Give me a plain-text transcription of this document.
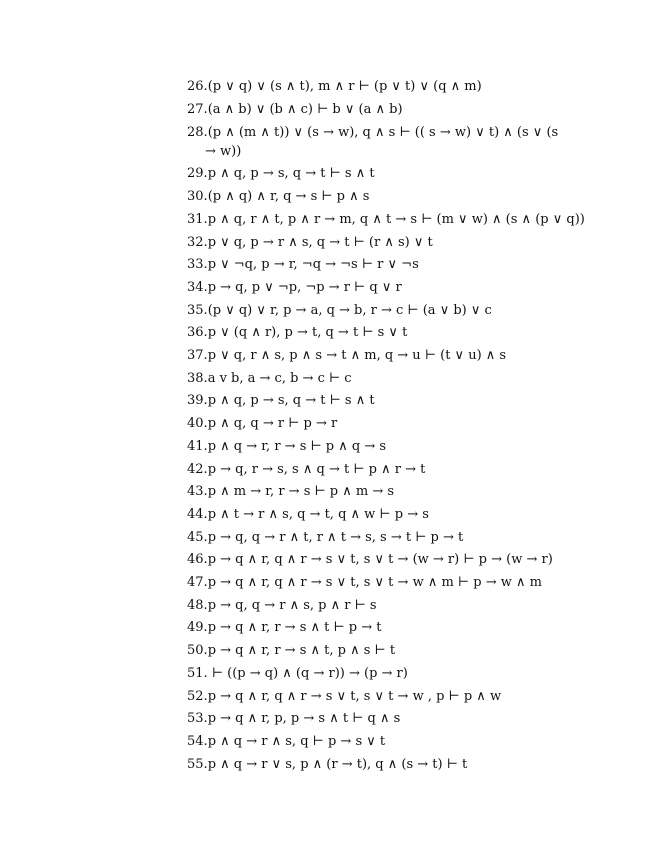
26.(p ∨ q) ∨ (s ∧ t), m ∧ r ⊢ (p ∨ t) ∨ (q ∧ m)
27.(a ∧ b) ∨ (b ∧ c) ⊢ b ∨ (a ∧ b)
28.(p ∧ (m ∧ t)) ∨ (s → w), q ∧ s ⊢ (( s → w) ∨ t) ∧ (s ∨ (s
→ w))
29.p ∧ q, p → s, q → t ⊢ s ∧ t
30.(p ∧ q) ∧ r, q → s ⊢ p ∧ s
31.p ∧ q, r ∧ t, p ∧ r → m, q ∧ t → s ⊢ (m ∨ w) ∧ (s ∧ (p ∨ q))
32.p ∨ q, p → r ∧ s, q → t ⊢ (r ∧ s) ∨ t
33.p ∨ ¬q, p → r, ¬q → ¬s ⊢ r ∨ ¬s
34.p → q, p ∨ ¬p, ¬p → r ⊢ q ∨ r
35.(p ∨ q) ∨ r, p → a, q → b, r → c ⊢ (a ∨ b) ∨ c
36.p ∨ (q ∧ r), p → t, q → t ⊢ s ∨ t
37.p ∨ q, r ∧ s, p ∧ s → t ∧ m, q → u ⊢ (t ∨ u) ∧ s
38.a v b, a → c, b → c ⊢ c
39.p ∧ q, p → s, q → t ⊢ s ∧ t
40.p ∧ q, q → r ⊢ p → r
41.p ∧ q → r, r → s ⊢ p ∧ q → s
42.p → q, r → s, s ∧ q → t ⊢ p ∧ r → t
43.p ∧ m → r, r → s ⊢ p ∧ m → s
44.p ∧ t → r ∧ s, q → t, q ∧ w ⊢ p → s
45.p → q, q → r ∧ t, r ∧ t → s, s → t ⊢ p → t
46.p → q ∧ r, q ∧ r → s ∨ t, s ∨ t → (w → r) ⊢ p → (w → r)
47.p → q ∧ r, q ∧ r → s ∨ t, s ∨ t → w ∧ m ⊢ p → w ∧ m
48.p → q, q → r ∧ s, p ∧ r ⊢ s
49.p → q ∧ r, r → s ∧ t ⊢ p → t
50.p → q ∧ r, r → s ∧ t, p ∧ s ⊢ t
51. ⊢ ((p → q) ∧ (q → r)) → (p → r)
52.p → q ∧ r, q ∧ r → s ∨ t, s ∨ t → w , p ⊢ p ∧ w
53.p → q ∧ r, p, p → s ∧ t ⊢ q ∧ s
54.p ∧ q → r ∧ s, q ⊢ p → s ∨ t
55.p ∧ q → r ∨ s, p ∧ (r → t), q ∧ (s → t) ⊢ t
